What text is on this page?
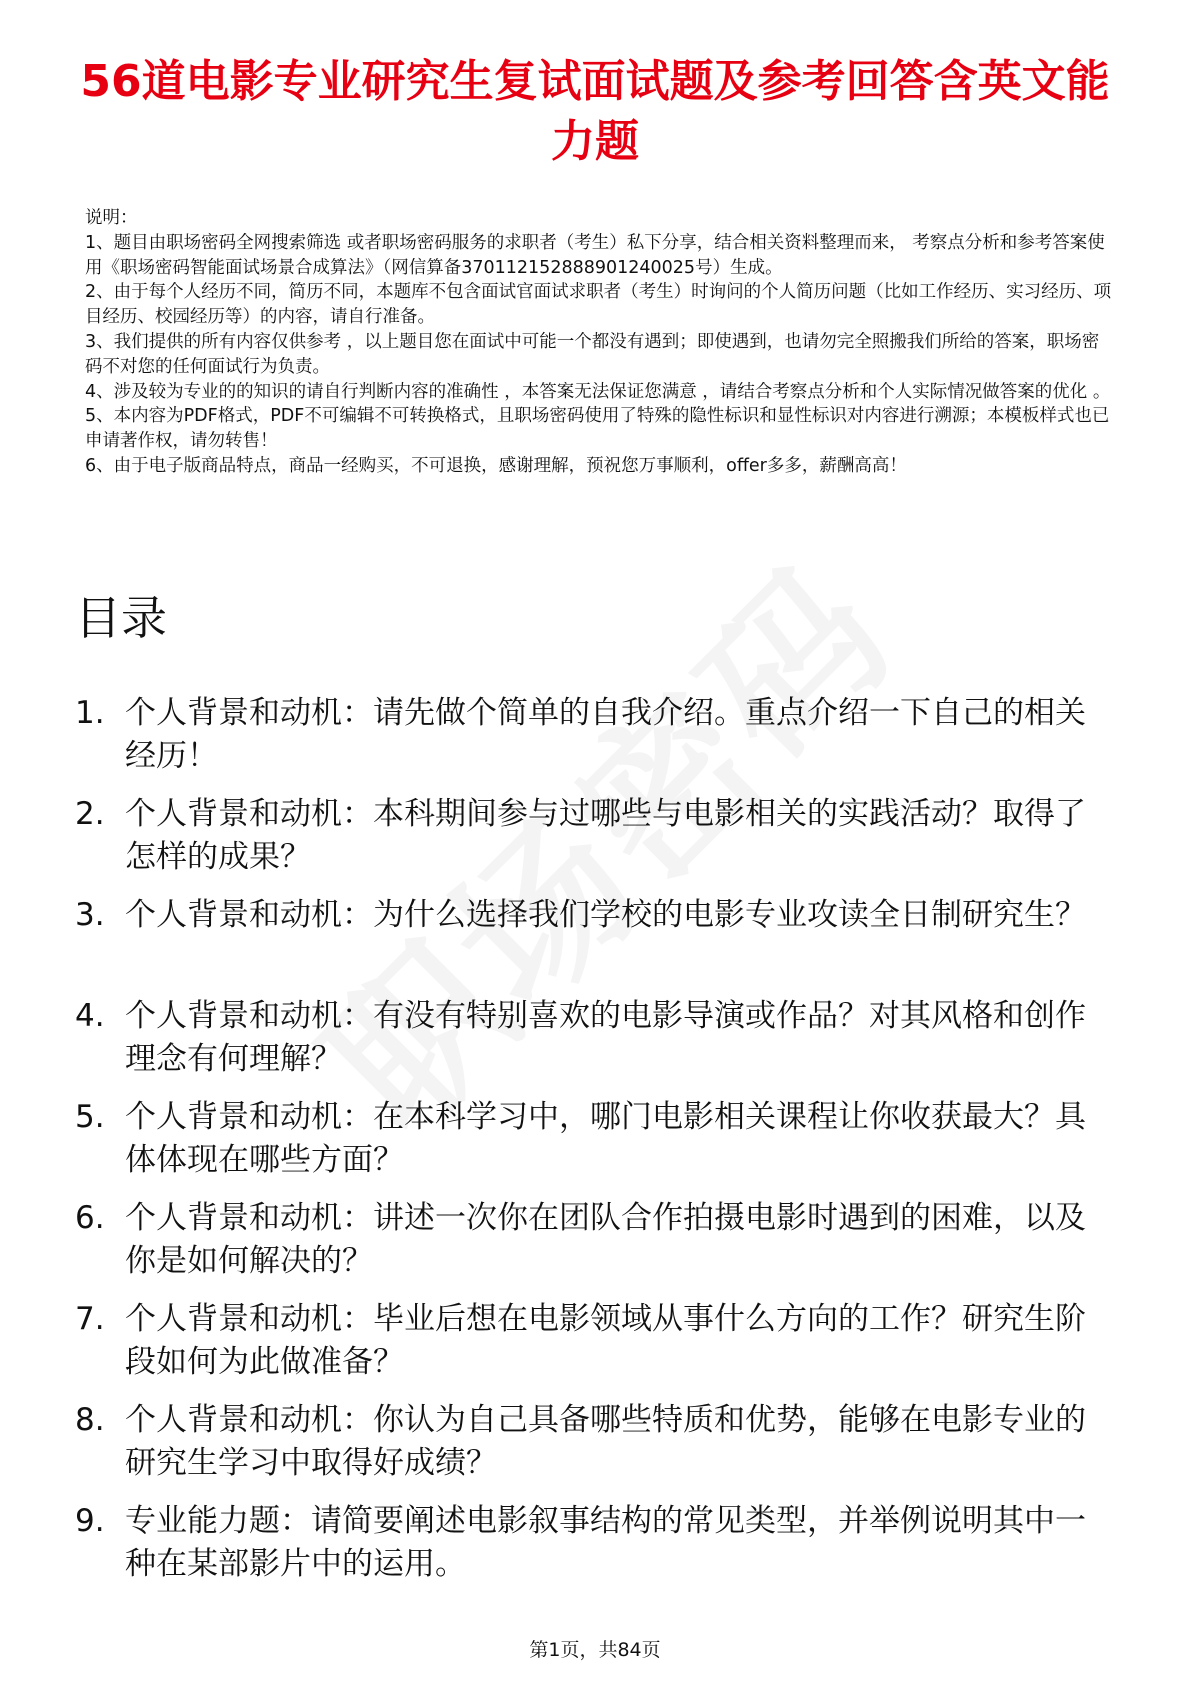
56道电影专业研究生复试面试题及参考回答含英文能力题

说明：

1、题目由职场密码全网搜索筛选 或者职场密码服务的求职者（考生）私下分享，结合相关资料整理而来， 考察点分析和参考答案使用《职场密码智能面试场景合成算法》（网信算备370112152888901240025号）生成。

2、由于每个人经历不同，简历不同，本题库不包含面试官面试求职者（考生）时询问的个人简历问题（比如工作经历、实习经历、项目经历、校园经历等）的内容，请自行准备。

3、我们提供的所有内容仅供参考 ，以上题目您在面试中可能一个都没有遇到；即使遇到，也请勿完全照搬我们所给的答案，职场密码不对您的任何面试行为负责。

4、涉及较为专业的的知识的请自行判断内容的准确性 ，本答案无法保证您满意 ，请结合考察点分析和个人实际情况做答案的优化 。

5、本内容为PDF格式，PDF不可编辑不可转换格式，且职场密码使用了特殊的隐性标识和显性标识对内容进行溯源；本模板样式也已申请著作权，请勿转售！

6、由于电子版商品特点，商品一经购买，不可退换，感谢理解，预祝您万事顺利，offer多多，薪酬高高！

目录
1. 个人背景和动机：请先做个简单的自我介绍。重点介绍一下自己的相关经历！
2. 个人背景和动机：本科期间参与过哪些与电影相关的实践活动？取得了怎样的成果？
3. 个人背景和动机：为什么选择我们学校的电影专业攻读全日制研究生？
4. 个人背景和动机：有没有特别喜欢的电影导演或作品？对其风格和创作理念有何理解？
5. 个人背景和动机：在本科学习中，哪门电影相关课程让你收获最大？具体体现在哪些方面？
6. 个人背景和动机：讲述一次你在团队合作拍摄电影时遇到的困难，以及你是如何解决的？
7. 个人背景和动机：毕业后想在电影领域从事什么方向的工作？研究生阶段如何为此做准备？
8. 个人背景和动机：你认为自己具备哪些特质和优势，能够在电影专业的研究生学习中取得好成绩？
9. 专业能力题：请简要阐述电影叙事结构的常见类型，并举例说明其中一种在某部影片中的运用。
第1页，共84页
